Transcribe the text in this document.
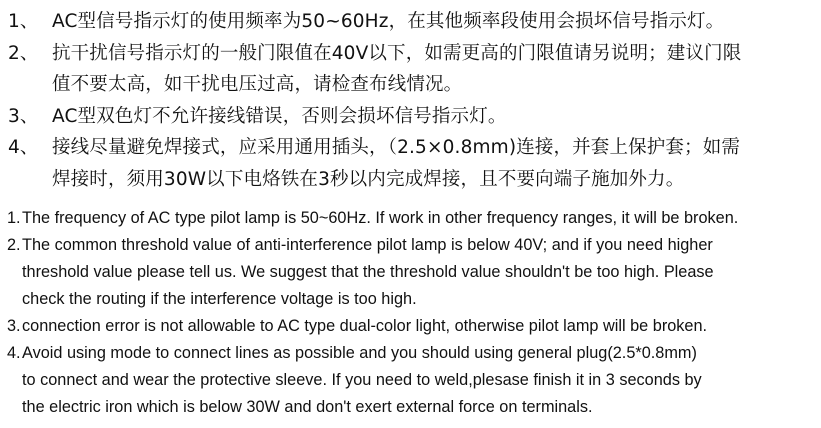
1、 AC型信号指示灯的使用频率为50~60Hz，在其他频率段使用会损坏信号指示灯。
2、 抗干扰信号指示灯的一般门限值在40V以下，如需更高的门限值请另说明；建议门限
值不要太高，如干扰电压过高，请检查布线情况。
3、 AC型双色灯不允许接线错误，否则会损坏信号指示灯。
4、 接线尽量避免焊接式，应采用通用插头，（2.5×0.8mm)连接，并套上保护套；如需
焊接时，须用30W以下电烙铁在3秒以内完成焊接，且不要向端子施加外力。
1. The frequency of AC type pilot lamp is 50~60Hz. If work in other frequency ranges, it will be broken.
2. The common threshold value of anti-interference pilot lamp is below 40V; and if you need higher
threshold value please tell us. We suggest that the threshold value shouldn't be too high. Please
check the routing if the interference voltage is too high.
3. connection error is not allowable to AC type dual-color light, otherwise pilot lamp will be broken.
4. Avoid using mode to connect lines as possible and you should using general plug(2.5*0.8mm)
to connect and wear the protective sleeve. If you need to weld,plesase finish it in 3 seconds by
the electric iron which is below 30W and don't exert external force on terminals.
